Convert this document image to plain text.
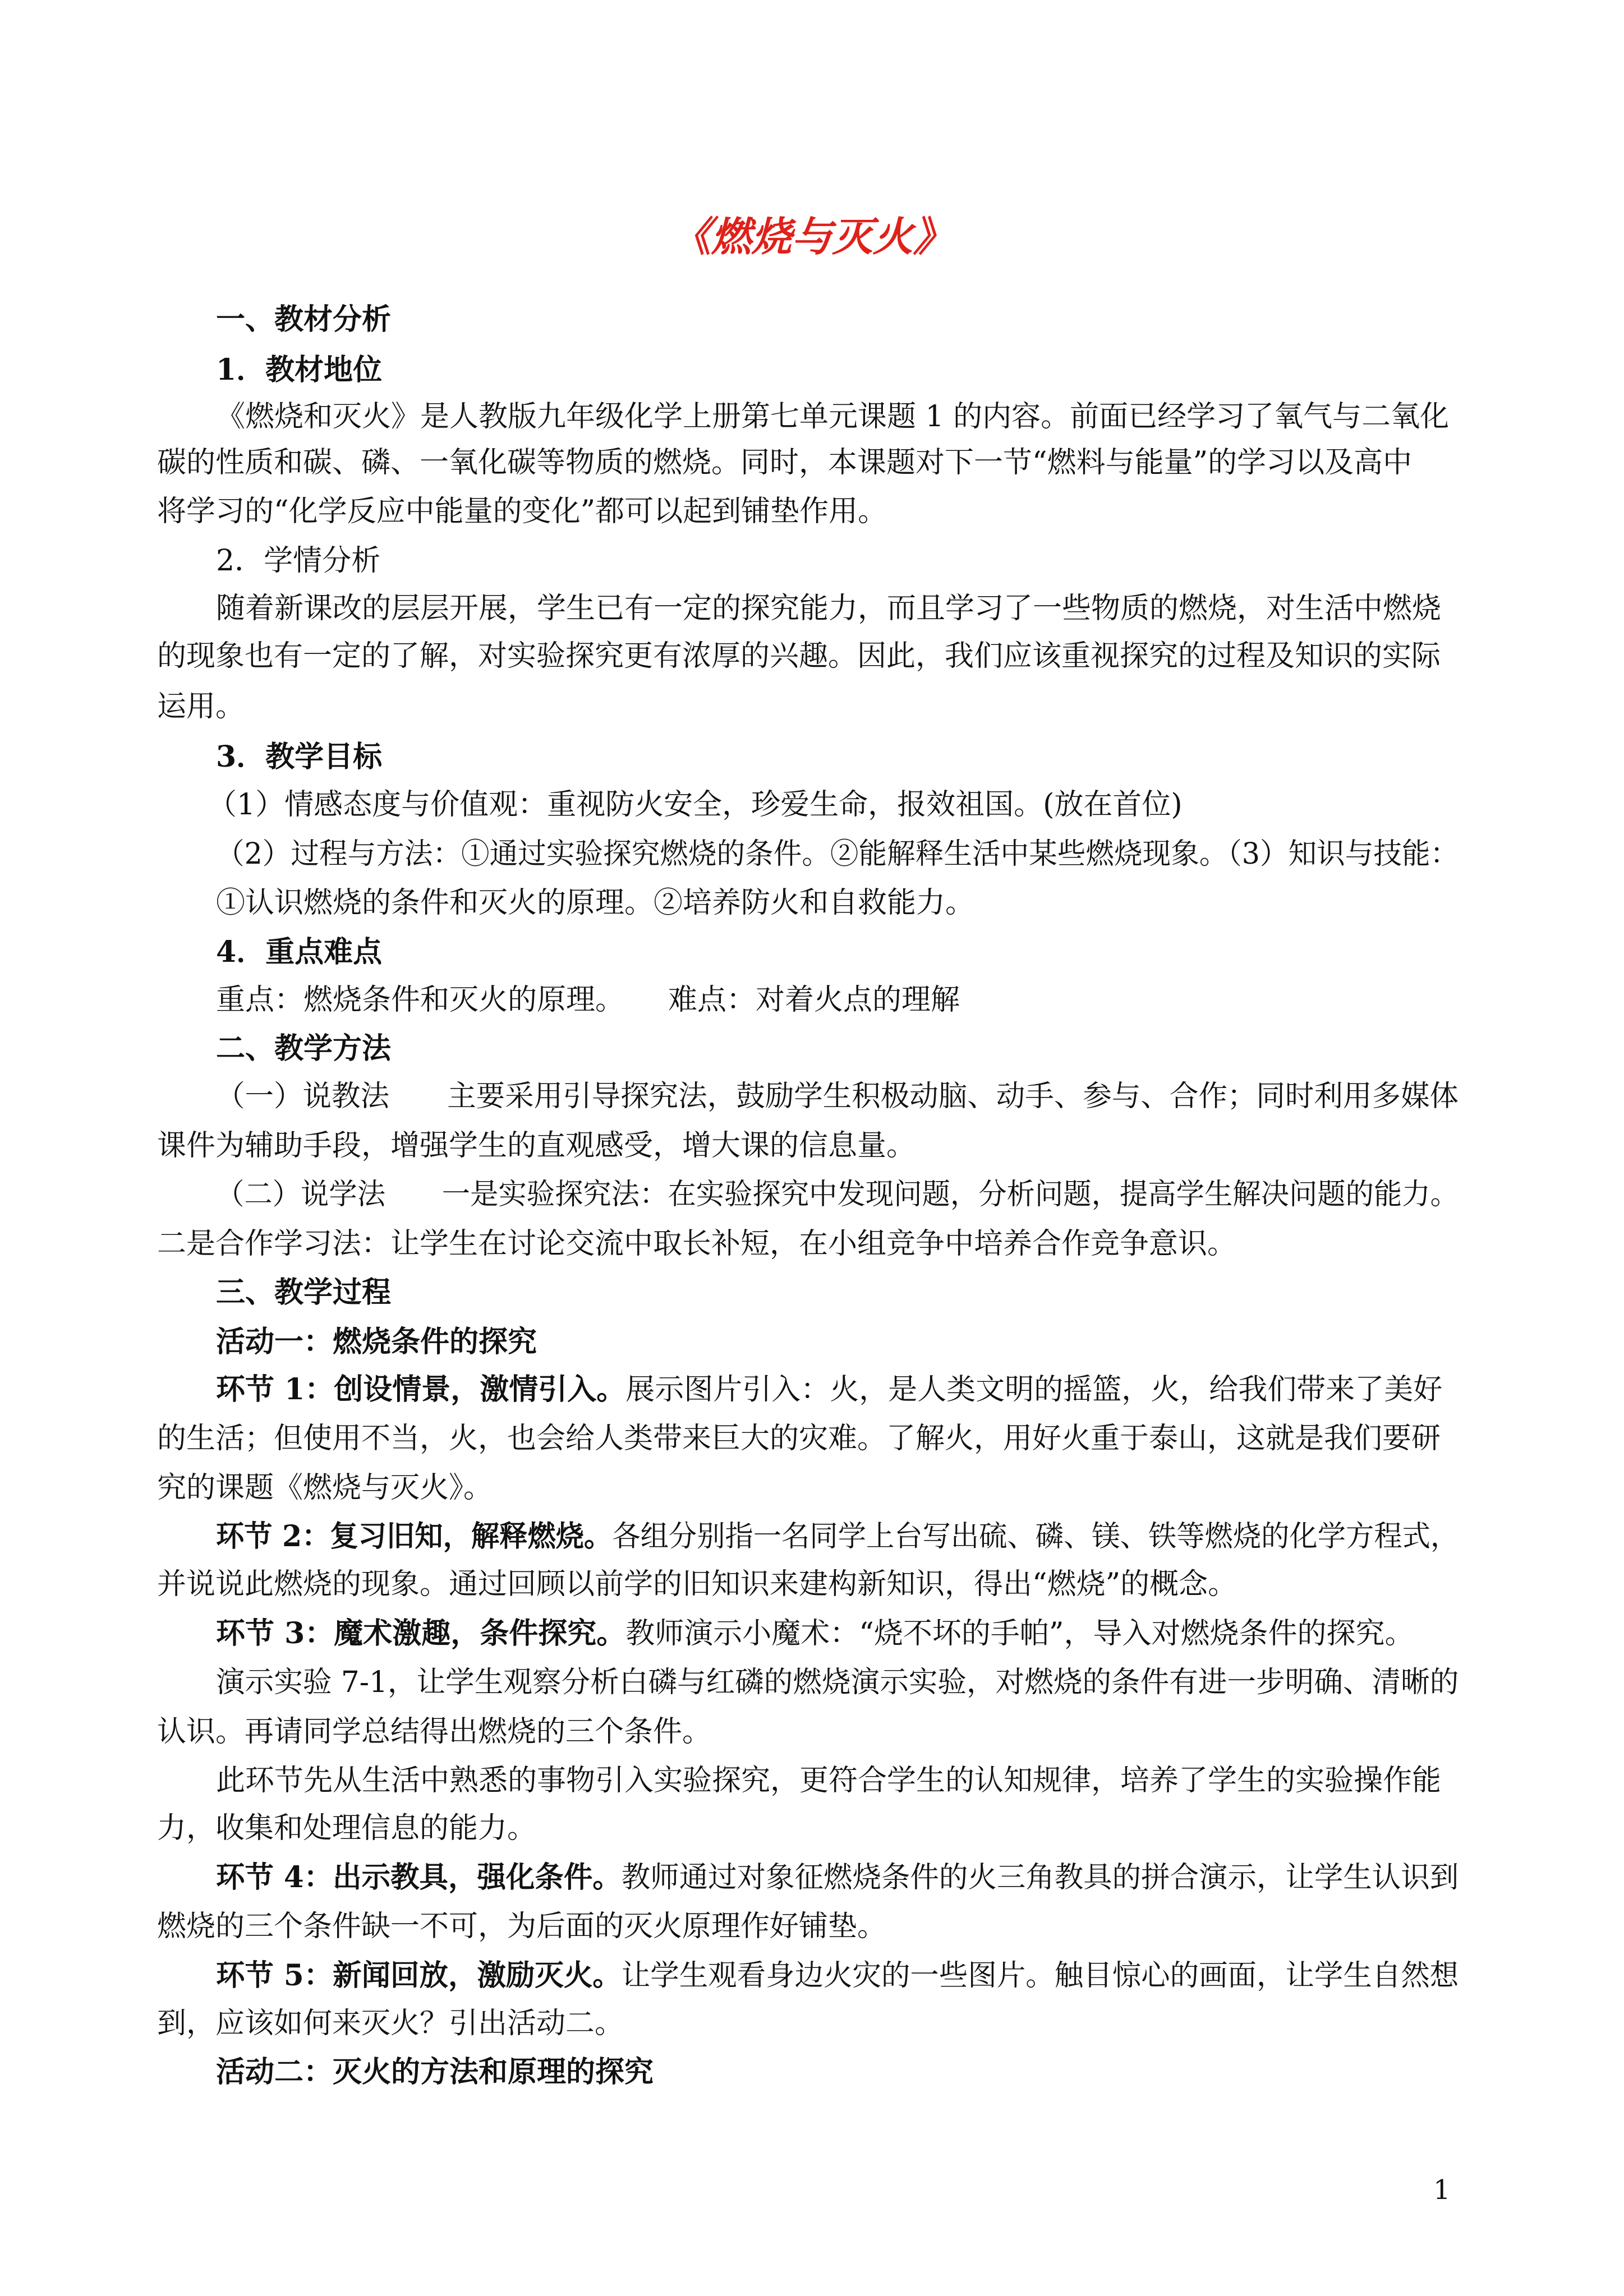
《燃烧与灭火》
一、教材分析
1．教材地位
《燃烧和灭火》是人教版九年级化学上册第七单元课题 1 的内容。前面已经学习了氧气与二氧化
碳的性质和碳、磷、一氧化碳等物质的燃烧。同时，本课题对下一节“燃料与能量”的学习以及高中
将学习的“化学反应中能量的变化”都可以起到铺垫作用。
2．学情分析
随着新课改的层层开展，学生已有一定的探究能力，而且学习了一些物质的燃烧，对生活中燃烧
的现象也有一定的了解，对实验探究更有浓厚的兴趣。因此，我们应该重视探究的过程及知识的实际
运用。
3．教学目标
（1）情感态度与价值观：重视防火安全，珍爱生命，报效祖国。(放在首位)
（2）过程与方法：①通过实验探究燃烧的条件。②能解释生活中某些燃烧现象。（3）知识与技能：
①认识燃烧的条件和灭火的原理。②培养防火和自救能力。
4．重点难点
重点：燃烧条件和灭火的原理。　　难点：对着火点的理解
二、教学方法
（一）说教法　　主要采用引导探究法，鼓励学生积极动脑、动手、参与、合作；同时利用多媒体
课件为辅助手段，增强学生的直观感受，增大课的信息量。
（二）说学法　　一是实验探究法：在实验探究中发现问题，分析问题，提高学生解决问题的能力。
二是合作学习法：让学生在讨论交流中取长补短，在小组竞争中培养合作竞争意识。
三、教学过程
活动一：燃烧条件的探究
环节 1：创设情景，激情引入。展示图片引入：火，是人类文明的摇篮，火，给我们带来了美好
的生活；但使用不当，火，也会给人类带来巨大的灾难。了解火，用好火重于泰山，这就是我们要研
究的课题《燃烧与灭火》。
环节 2：复习旧知，解释燃烧。各组分别指一名同学上台写出硫、磷、镁、铁等燃烧的化学方程式，
并说说此燃烧的现象。通过回顾以前学的旧知识来建构新知识，得出“燃烧”的概念。
环节 3：魔术激趣，条件探究。教师演示小魔术：“烧不坏的手帕”，导入对燃烧条件的探究。
演示实验 7-1，让学生观察分析白磷与红磷的燃烧演示实验，对燃烧的条件有进一步明确、清晰的
认识。再请同学总结得出燃烧的三个条件。
此环节先从生活中熟悉的事物引入实验探究，更符合学生的认知规律，培养了学生的实验操作能
力，收集和处理信息的能力。
环节 4：出示教具，强化条件。教师通过对象征燃烧条件的火三角教具的拼合演示，让学生认识到
燃烧的三个条件缺一不可，为后面的灭火原理作好铺垫。
环节 5：新闻回放，激励灭火。让学生观看身边火灾的一些图片。触目惊心的画面，让学生自然想
到，应该如何来灭火？引出活动二。
活动二：灭火的方法和原理的探究
1
